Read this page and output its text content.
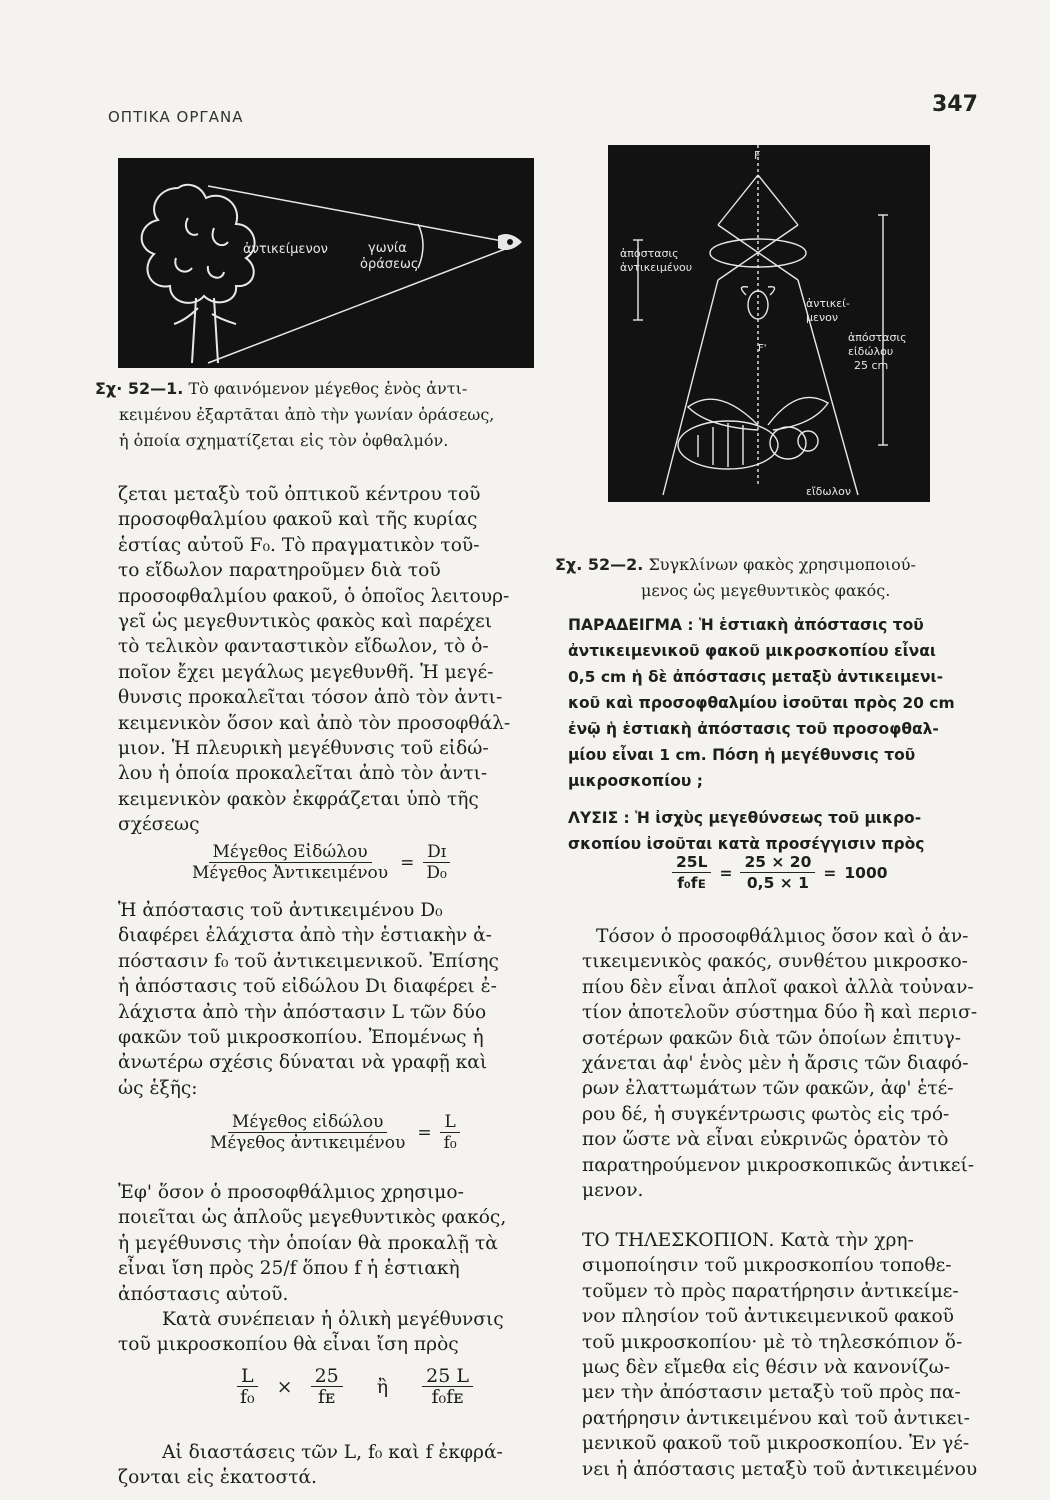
ΟΠΤΙΚΑ ΟΡΓΑΝΑ	347
ἀντικείμενον	γωνία
ὁράσεως
Σχ· 52—1. Τὸ φαινόμενον μέγεθος ἑνὸς ἀντι-
κειμένου ἐξαρτᾶται ἀπὸ τὴν γωνίαν ὁράσεως,
ἡ ὁποία σχηματίζεται εἰς τὸν ὀφθαλμόν.
F
F'
ἀπόστασις
ἀντικειμένου
ἀντικεί-
μενον
ἀπόστασις
εἰδώλου
25 cm
εἴδωλον
Σχ. 52—2. Συγκλίνων φακὸς χρησιμοποιού-
μενος ὡς μεγεθυντικὸς φακός.

ζεται μεταξὺ τοῦ ὀπτικοῦ κέντρου τοῦ

προσοφθαλμίου φακοῦ καὶ τῆς κυρίας

ἑστίας αὐτοῦ F₀. Τὸ πραγματικὸν τοῦ-

το εἴδωλον παρατηροῦμεν διὰ τοῦ

προσοφθαλμίου φακοῦ, ὁ ὁποῖος λειτουρ-

γεῖ ὡς μεγεθυντικὸς φακὸς καὶ παρέχει

τὸ τελικὸν φανταστικὸν εἴδωλον, τὸ ὁ-

ποῖον ἔχει μεγάλως μεγεθυνθῆ. Ἡ μεγέ-

θυνσις προκαλεῖται τόσον ἀπὸ τὸν ἀντι-

κειμενικὸν ὅσον καὶ ἀπὸ τὸν προσοφθάλ-

μιον. Ἡ πλευρικὴ μεγέθυνσις τοῦ εἰδώ-

λου ἡ ὁποία προκαλεῖται ἀπὸ τὸν ἀντι-

κειμενικὸν φακὸν ἐκφράζεται ὑπὸ τῆς

σχέσεως

$\frac{\text{Μέγεθος Εἰδώλου}}{\text{Μέγεθος Ἀντικειμένου}} = \frac{\text{Dɪ}}{\text{D₀}}$

Ἡ ἀπόστασις τοῦ ἀντικειμένου D₀

διαφέρει ἐλάχιστα ἀπὸ τὴν ἑστιακὴν ἀ-

πόστασιν f₀ τοῦ ἀντικειμενικοῦ. Ἐπίσης

ἡ ἀπόστασις τοῦ εἰδώλου Dι διαφέρει ἐ-

λάχιστα ἀπὸ τὴν ἀπόστασιν L τῶν δύο

φακῶν τοῦ μικροσκοπίου. Ἐπομένως ἡ

ἀνωτέρω σχέσις δύναται νὰ γραφῇ καὶ

ὡς ἑξῆς:

$\frac{\text{Μέγεθος εἰδώλου}}{\text{Μέγεθος ἀντικειμένου}} = \frac{L}{\text{f₀}}$

Ἐφ' ὅσον ὁ προσοφθάλμιος χρησιμο-

ποιεῖται ὡς ἁπλοῦς μεγεθυντικὸς φακός,

ἡ μεγέθυνσις τὴν ὁποίαν θὰ προκαλῇ τὰ

εἶναι ἴση πρὸς 25/f ὅπου f ἡ ἑστιακὴ

ἀπόστασις αὐτοῦ.

Κατὰ συνέπειαν ἡ ὁλικὴ μεγέθυνσις

τοῦ μικροσκοπίου θὰ εἶναι ἴση πρὸς

$\frac{L}{\text{f₀}} \times \frac{25}{\text{fᴇ}}$	ἢ	$\frac{25 L}{\text{f₀fᴇ}}$

Αἱ διαστάσεις τῶν L, f₀ καὶ f ἐκφρά-

ζονται εἰς ἑκατοστά.

ΠΑΡΑΔΕΙΓΜΑ : Ἡ ἑστιακὴ ἀπόστασις τοῦ
ἀντικειμενικοῦ φακοῦ μικροσκοπίου εἶναι
0,5 cm ἡ δὲ ἀπόστασις μεταξὺ ἀντικειμενι-
κοῦ καὶ προσοφθαλμίου ἰσοῦται πρὸς 20 cm
ἐνῷ ἡ ἑστιακὴ ἀπόστασις τοῦ προσοφθαλ-
μίου εἶναι 1 cm. Πόση ἡ μεγέθυνσις τοῦ
μικροσκοπίου ;
ΛΥΣΙΣ : Ἡ ἰσχὺς μεγεθύνσεως τοῦ μικρο-
σκοπίου ἰσοῦται κατὰ προσέγγισιν πρὸς
$\frac{25L}{\text{f₀fᴇ}} = \frac{25 \times 20}{0,5 \times 1} = 1000$

Τόσον ὁ προσοφθάλμιος ὅσον καὶ ὁ ἀν-

τικειμενικὸς φακός, συνθέτου μικροσκο-

πίου δὲν εἶναι ἁπλοῖ φακοὶ ἀλλὰ τοὐναν-

τίον ἀποτελοῦν σύστημα δύο ἢ καὶ περισ-

σοτέρων φακῶν διὰ τῶν ὁποίων ἐπιτυγ-

χάνεται ἀφ' ἑνὸς μὲν ἡ ἄρσις τῶν διαφό-

ρων ἐλαττωμάτων τῶν φακῶν, ἀφ' ἑτέ-

ρου δέ, ἡ συγκέντρωσις φωτὸς εἰς τρό-

πον ὥστε νὰ εἶναι εὐκρινῶς ὁρατὸν τὸ

παρατηρούμενον μικροσκοπικῶς ἀντικεί-

μενον.

ΤΟ ΤΗΛΕΣΚΟΠΙΟΝ. Κατὰ τὴν χρη-

σιμοποίησιν τοῦ μικροσκοπίου τοποθε-

τοῦμεν τὸ πρὸς παρατήρησιν ἀντικείμε-

νον πλησίον τοῦ ἀντικειμενικοῦ φακοῦ

τοῦ μικροσκοπίου· μὲ τὸ τηλεσκόπιον ὅ-

μως δὲν εἴμεθα εἰς θέσιν νὰ κανονίζω-

μεν τὴν ἀπόστασιν μεταξὺ τοῦ πρὸς πα-

ρατήρησιν ἀντικειμένου καὶ τοῦ ἀντικει-

μενικοῦ φακοῦ τοῦ μικροσκοπίου. Ἐν γέ-

νει ἡ ἀπόστασις μεταξὺ τοῦ ἀντικειμένου
